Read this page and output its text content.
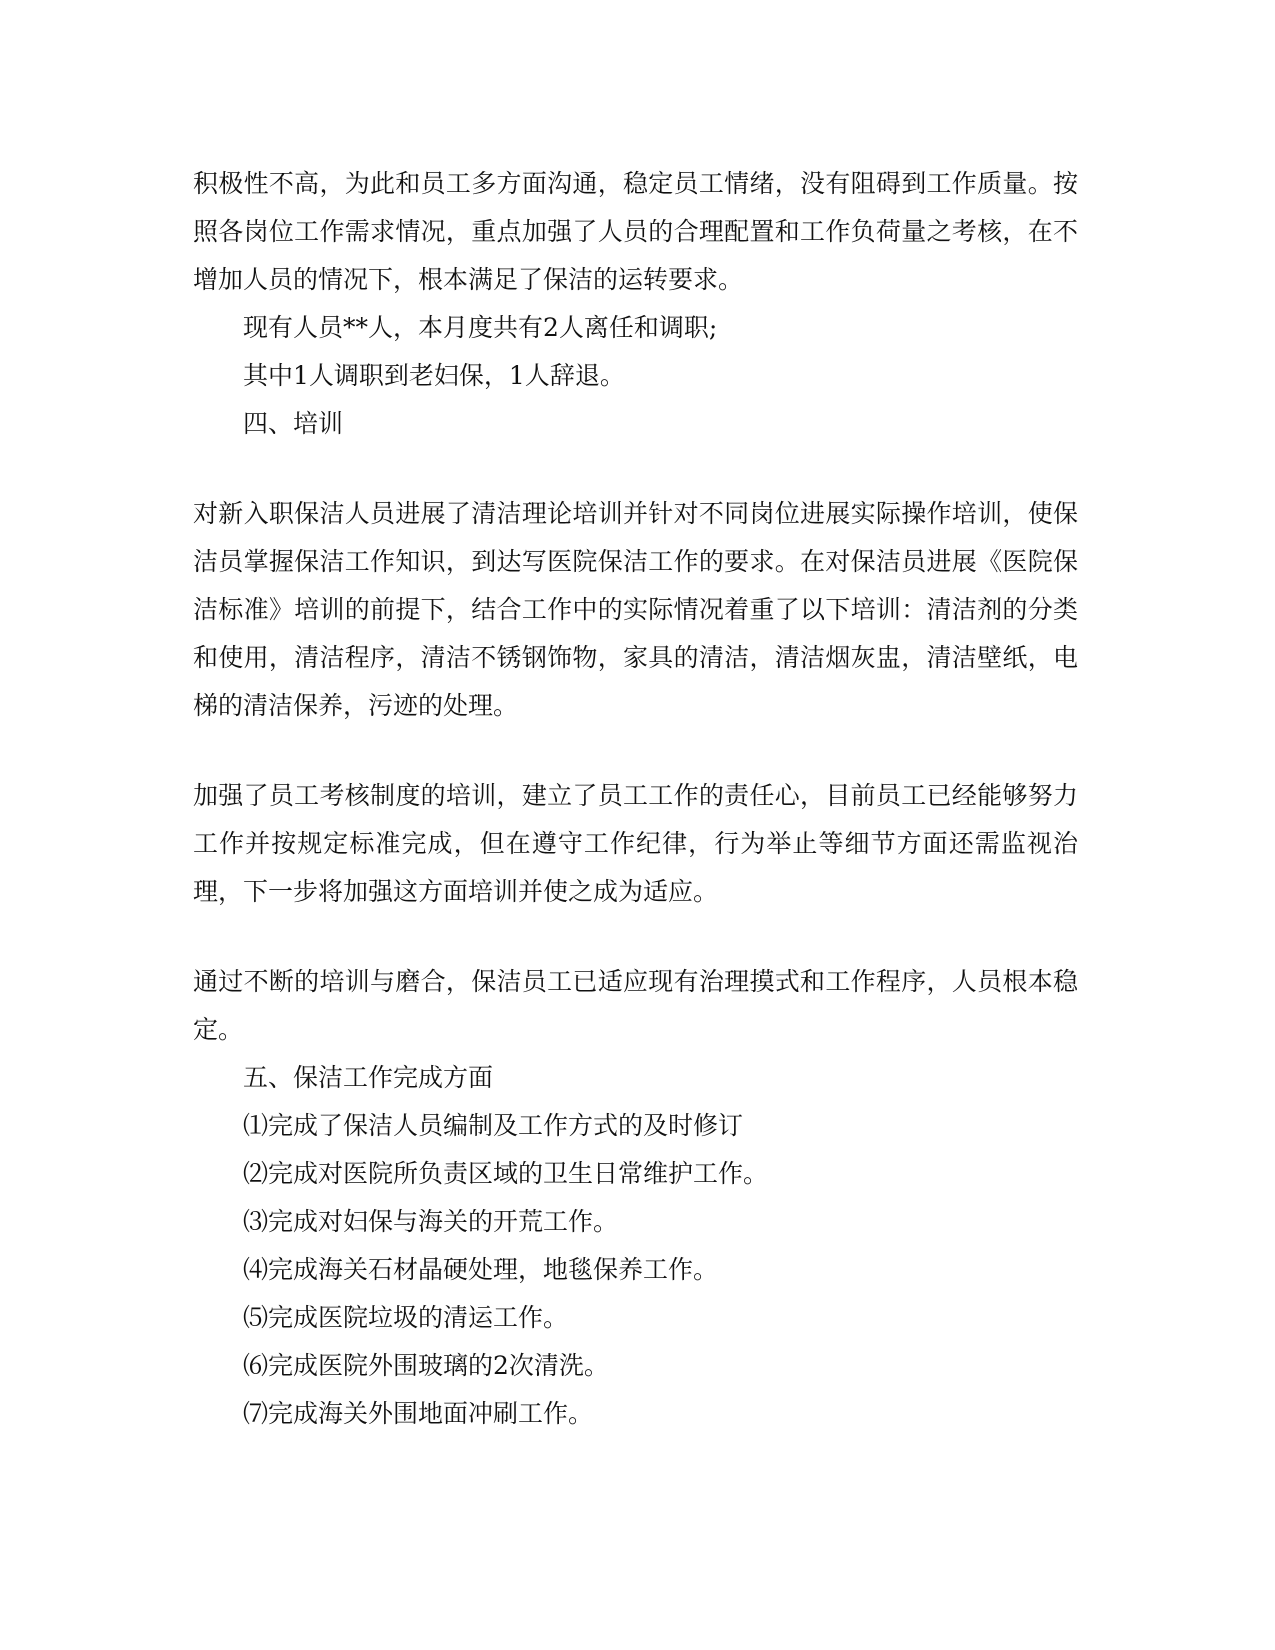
积极性不高，为此和员工多方面沟通，稳定员工情绪，没有阻碍到工作质量。按照各岗位工作需求情况，重点加强了人员的合理配置和工作负荷量之考核，在不增加人员的情况下，根本满足了保洁的运转要求。

现有人员**人，本月度共有2人离任和调职;

其中1人调职到老妇保，1人辞退。

四、培训

对新入职保洁人员进展了清洁理论培训并针对不同岗位进展实际操作培训，使保洁员掌握保洁工作知识，到达写医院保洁工作的要求。在对保洁员进展《医院保洁标准》培训的前提下，结合工作中的实际情况着重了以下培训：清洁剂的分类和使用，清洁程序，清洁不锈钢饰物，家具的清洁，清洁烟灰盅，清洁壁纸，电梯的清洁保养，污迹的处理。

加强了员工考核制度的培训，建立了员工工作的责任心，目前员工已经能够努力工作并按规定标准完成，但在遵守工作纪律，行为举止等细节方面还需监视治理，下一步将加强这方面培训并使之成为适应。

通过不断的培训与磨合，保洁员工已适应现有治理摸式和工作程序，人员根本稳定。

五、保洁工作完成方面

⑴完成了保洁人员编制及工作方式的及时修订

⑵完成对医院所负责区域的卫生日常维护工作。

⑶完成对妇保与海关的开荒工作。

⑷完成海关石材晶硬处理，地毯保养工作。

⑸完成医院垃圾的清运工作。

⑹完成医院外围玻璃的2次清洗。

⑺完成海关外围地面冲刷工作。
